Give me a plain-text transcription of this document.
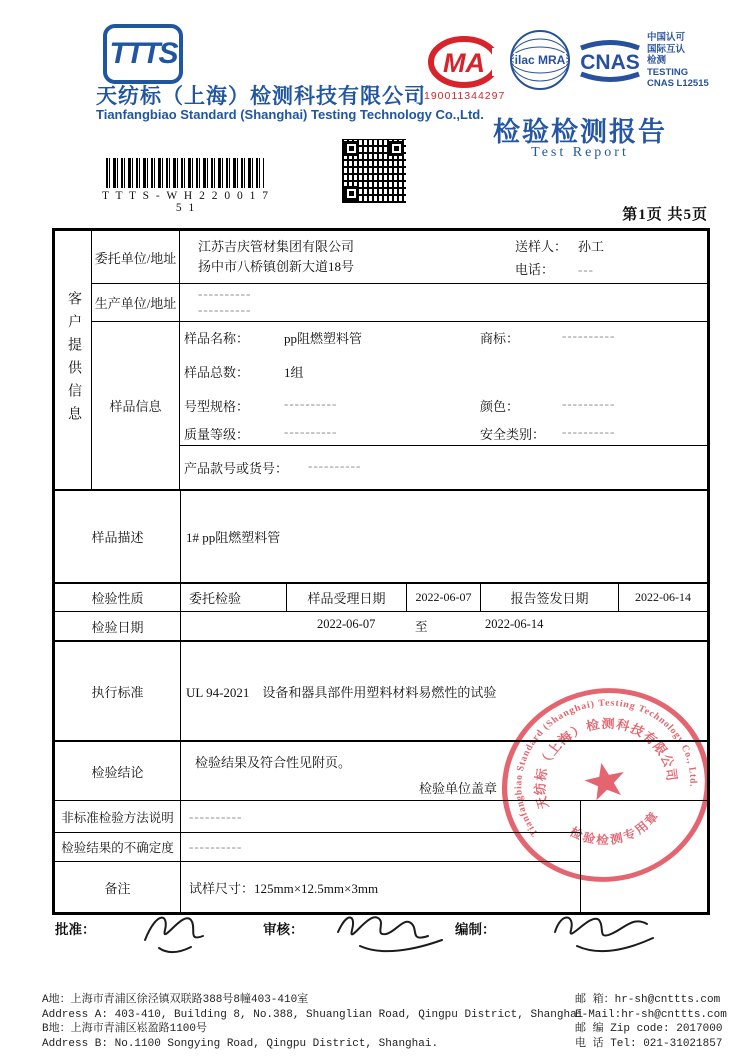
TTTS
天纺标（上海）检测科技有限公司
Tianfangbiao Standard (Shanghai) Testing Technology Co.,Ltd.
MA
190011344297
ilac MRA CNAS
中国认可
国际互认
检测
TESTING
CNAS L12515
检验检测报告
Test Report
T T T S - W H 2 2 0 0 1 7 5 1	第1页 共5页
客户提供信息
委托单位/地址
江苏吉庆管材集团有限公司
扬中市八桥镇创新大道18号
送样人： 孙工
电话： ---
生产单位/地址
----------
----------
样品信息
样品名称：	pp阻燃塑料管	商标：	----------
样品总数：	1组
号型规格：	----------	颜色：	----------
质量等级：	----------	安全类别： ----------
产品款号或货号： ----------
样品描述	1# pp阻燃塑料管
检验性质	委托检验	样品受理日期	2022-06-07	报告签发日期	2022-06-14
检验日期	2022-06-07	至	2022-06-14
执行标准	UL 94-2021　设备和器具部件用塑料材料易燃性的试验
检验结论
检验结果及符合性见附页。
检验单位盖章
非标准检验方法说明	----------
检验结果的不确定度	----------
备注	试样尺寸：125mm×12.5mm×3mm
Tianfangbiao Standard (Shanghai) Testing Technology Co., Ltd.
天纺标（上海）检测科技有限公司
检验检测专用章
批准：	审核：	编制：
A地：上海市青浦区徐泾镇双联路388号8幢403-410室
Address A: 403-410, Building 8, No.388, Shuanglian Road, Qingpu District, Shanghai
B地：上海市青浦区崧盈路1100号
Address B: No.1100 Songying Road, Qingpu District, Shanghai.
邮 箱：hr-sh@cnttts.com
E-Mail:hr-sh@cnttts.com
邮 编 Zip code: 2017000
电 话 Tel: 021-31021857
